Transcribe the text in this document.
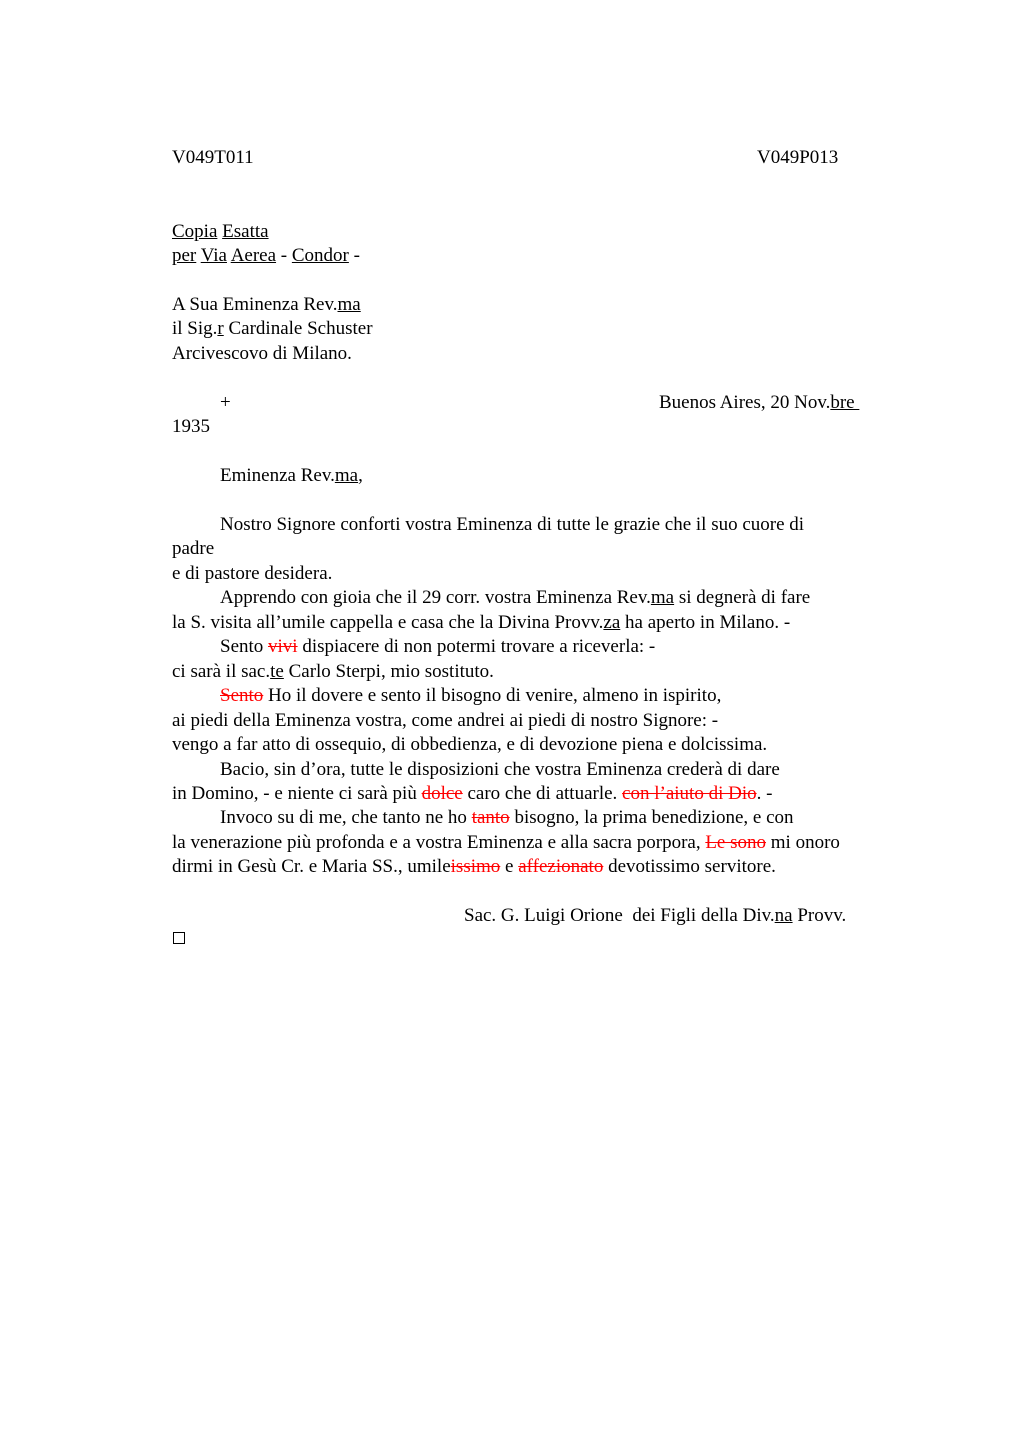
V049T011	V049P013
Copia Esatta
per Via Aerea - Condor -
A Sua Eminenza Rev.ma
il Sig.r Cardinale Schuster
Arcivescovo di Milano.
+	Buenos Aires, 20 Nov.bre
1935
Eminenza Rev.ma,
Nostro Signore conforti vostra Eminenza di tutte le grazie che il suo cuore di
padre
e di pastore desidera.
Apprendo con gioia che il 29 corr. vostra Eminenza Rev.ma si degnerà di fare
la S. visita all’umile cappella e casa che la Divina Provv.za ha aperto in Milano. -
Sento vivi dispiacere di non potermi trovare a riceverla: -
ci sarà il sac.te Carlo Sterpi, mio sostituto.
Sento Ho il dovere e sento il bisogno di venire, almeno in ispirito,
ai piedi della Eminenza vostra, come andrei ai piedi di nostro Signore: -
vengo a far atto di ossequio, di obbedienza, e di devozione piena e dolcissima.
Bacio, sin d’ora, tutte le disposizioni che vostra Eminenza crederà di dare
in Domino, - e niente ci sarà più dolce caro che di attuarle. con l’aiuto di Dio. -
Invoco su di me, che tanto ne ho tanto bisogno, la prima benedizione, e con
la venerazione più profonda e a vostra Eminenza e alla sacra porpora, Le sono mi onoro
dirmi in Gesù Cr. e Maria SS., umileissimo e affezionato devotissimo servitore.
Sac. G. Luigi Orione  dei Figli della Div.na Provv.
